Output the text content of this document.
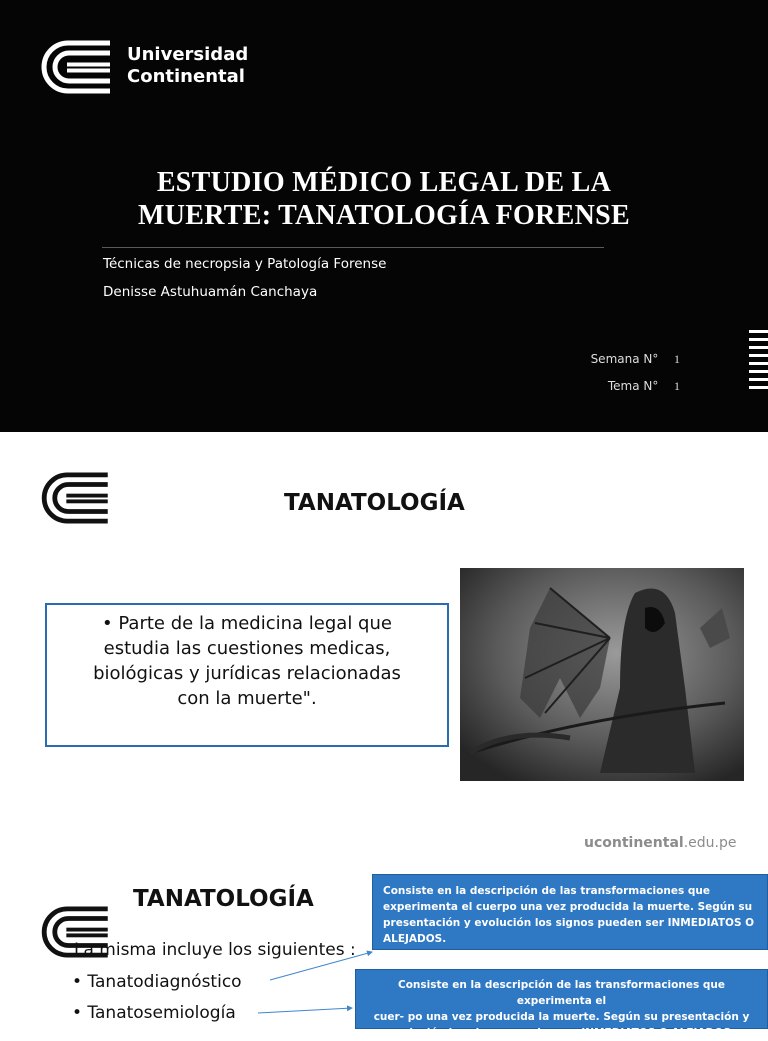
Universidad
Continental
ESTUDIO MÉDICO LEGAL DE LA
MUERTE: TANATOLOGÍA FORENSE
Técnicas de necropsia y Patología Forense
Denisse Astuhuamán Canchaya
Semana N° 1
Tema N° 1
TANATOLOGÍA
• Parte de la medicina legal que
estudia las cuestiones medicas,
biológicas y jurídicas relacionadas
con la muerte".
ucontinental.edu.pe
TANATOLOGÍA
La misma incluye los siguientes :
• Tanatodiagnóstico
• Tanatosemiología
Consiste en la descripción de las transformaciones que
experimenta el cuerpo una vez producida la muerte. Según su
presentación y evolución los signos pueden ser INMEDIATOS O
ALEJADOS.
Consiste en la descripción de las transformaciones que experimenta el
cuer- po una vez producida la muerte. Según su presentación y
evolución los signos pueden ser INMEDIATOS O ALEJADOS.
